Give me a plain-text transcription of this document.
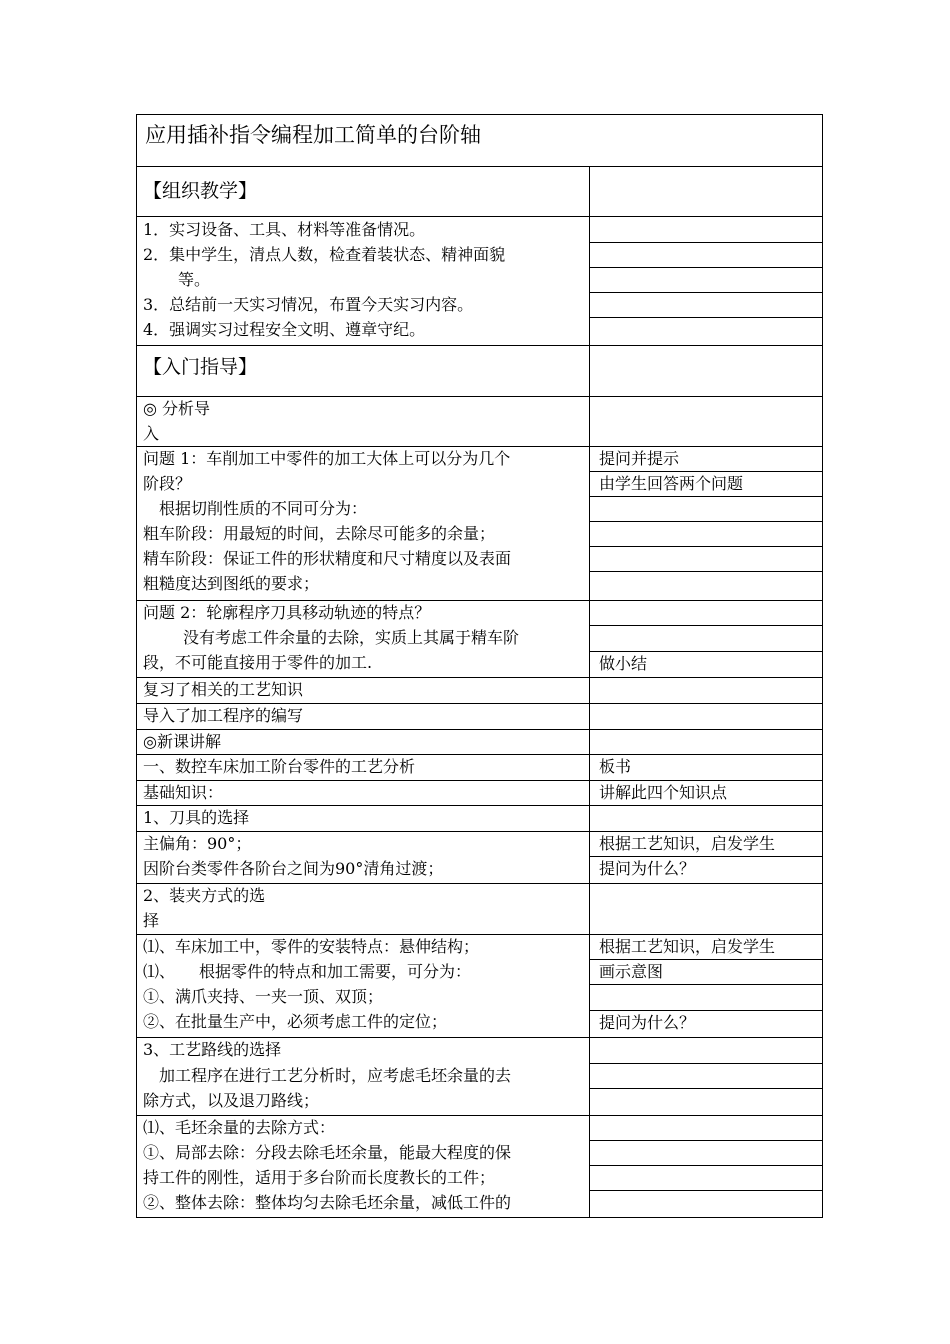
应用插补指令编程加工简单的台阶轴
【组织教学】
1．实习设备、工具、材料等准备情况。
2．集中学生，清点人数，检查着装状态、精神面貌
等。
3．总结前一天实习情况，布置今天实习内容。
4．强调实习过程安全文明、遵章守纪。
【入门指导】
◎ 分析导
入
问题 1：车削加工中零件的加工大体上可以分为几个
阶段？
根据切削性质的不同可分为：
粗车阶段：用最短的时间，去除尽可能多的余量；
精车阶段：保证工件的形状精度和尺寸精度以及表面
粗糙度达到图纸的要求；
问题 2：轮廓程序刀具移动轨迹的特点？
没有考虑工件余量的去除，实质上其属于精车阶
段，不可能直接用于零件的加工.
复习了相关的工艺知识
导入了加工程序的编写
◎新课讲解
一、数控车床加工阶台零件的工艺分析
基础知识：
1、刀具的选择
主偏角：90°；
因阶台类零件各阶台之间为90°清角过渡；
2、装夹方式的选
择
⑴、车床加工中，零件的安装特点：悬伸结构；
⑴、　　根据零件的特点和加工需要，可分为：
①、满爪夹持、一夹一顶、双顶；
②、在批量生产中，必须考虑工件的定位；
3、工艺路线的选择
加工程序在进行工艺分析时，应考虑毛坯余量的去
除方式，以及退刀路线；
⑴、毛坯余量的去除方式：
①、局部去除：分段去除毛坯余量，能最大程度的保
持工件的刚性，适用于多台阶而长度教长的工件；
②、整体去除：整体均匀去除毛坯余量，减低工件的
提问并提示
由学生回答两个问题
做小结
板书
讲解此四个知识点
根据工艺知识，启发学生
提问为什么？
根据工艺知识，启发学生
画示意图
提问为什么？
